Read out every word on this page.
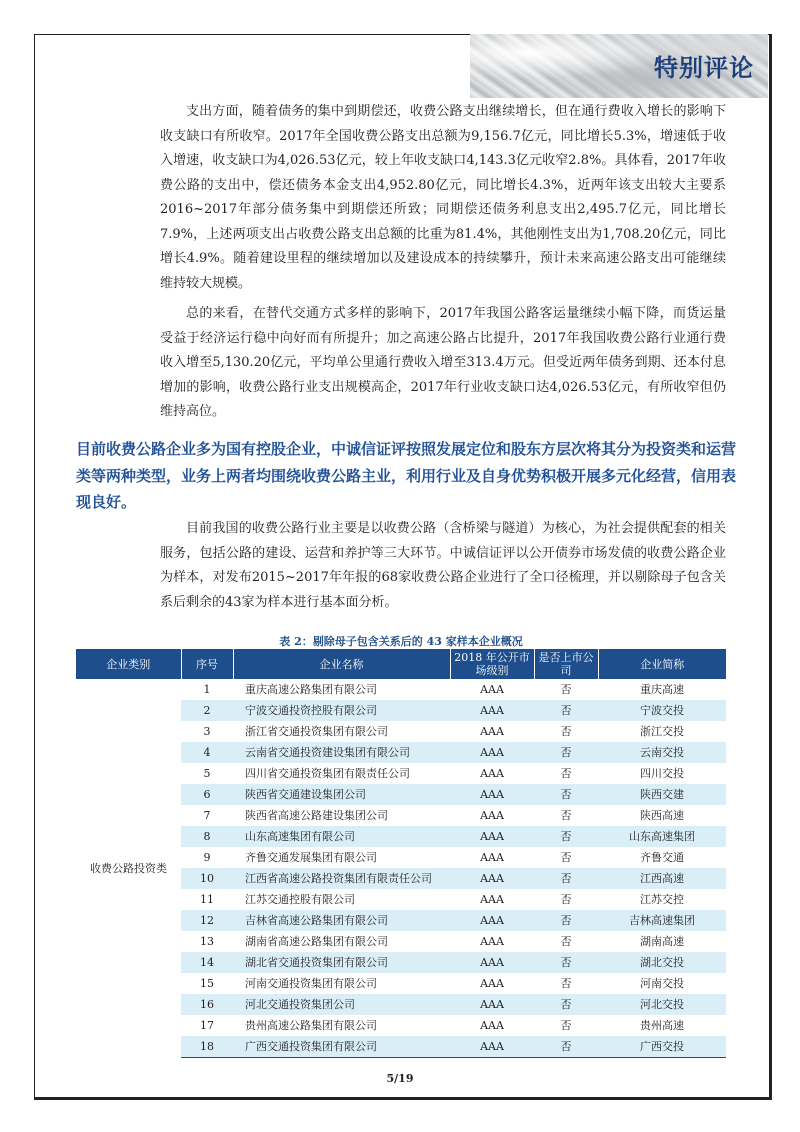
特别评论

支出方面，随着债务的集中到期偿还，收费公路支出继续增长，但在通行费收入增长的影响下收支缺口有所收窄。2017年全国收费公路支出总额为9,156.7亿元，同比增长5.3%，增速低于收入增速，收支缺口为4,026.53亿元，较上年收支缺口4,143.3亿元收窄2.8%。具体看，2017年收费公路的支出中，偿还债务本金支出4,952.80亿元，同比增长4.3%，近两年该支出较大主要系2016~2017年部分债务集中到期偿还所致；同期偿还债务利息支出2,495.7亿元，同比增长7.9%，上述两项支出占收费公路支出总额的比重为81.4%，其他刚性支出为1,708.20亿元，同比增长4.9%。随着建设里程的继续增加以及建设成本的持续攀升，预计未来高速公路支出可能继续维持较大规模。

总的来看，在替代交通方式多样的影响下，2017年我国公路客运量继续小幅下降，而货运量受益于经济运行稳中向好而有所提升；加之高速公路占比提升，2017年我国收费公路行业通行费收入增至5,130.20亿元，平均单公里通行费收入增至313.4万元。但受近两年债务到期、还本付息增加的影响，收费公路行业支出规模高企，2017年行业收支缺口达4,026.53亿元，有所收窄但仍维持高位。

目前收费公路企业多为国有控股企业，中诚信证评按照发展定位和股东方层次将其分为投资类和运营类等两种类型，业务上两者均围绕收费公路主业，利用行业及自身优势积极开展多元化经营，信用表现良好。

目前我国的收费公路行业主要是以收费公路（含桥梁与隧道）为核心，为社会提供配套的相关服务，包括公路的建设、运营和养护等三大环节。中诚信证评以公开债券市场发债的收费公路企业为样本，对发布2015~2017年年报的68家收费公路企业进行了全口径梳理，并以剔除母子包含关系后剩余的43家为样本进行基本面分析。

表 2：剔除母子包含关系后的 43 家样本企业概况
企业类别	序号	企业名称	2018 年公开市场级别	是否上市公司	企业简称
收费公路投资类	1	重庆高速公路集团有限公司	AAA	否	重庆高速
	2	宁波交通投资控股有限公司	AAA	否	宁波交投
	3	浙江省交通投资集团有限公司	AAA	否	浙江交投
	4	云南省交通投资建设集团有限公司	AAA	否	云南交投
	5	四川省交通投资集团有限责任公司	AAA	否	四川交投
	6	陕西省交通建设集团公司	AAA	否	陕西交建
	7	陕西省高速公路建设集团公司	AAA	否	陕西高速
	8	山东高速集团有限公司	AAA	否	山东高速集团
	9	齐鲁交通发展集团有限公司	AAA	否	齐鲁交通
	10	江西省高速公路投资集团有限责任公司	AAA	否	江西高速
	11	江苏交通控股有限公司	AAA	否	江苏交控
	12	吉林省高速公路集团有限公司	AAA	否	吉林高速集团
	13	湖南省高速公路集团有限公司	AAA	否	湖南高速
	14	湖北省交通投资集团有限公司	AAA	否	湖北交投
	15	河南交通投资集团有限公司	AAA	否	河南交投
	16	河北交通投资集团公司	AAA	否	河北交投
	17	贵州高速公路集团有限公司	AAA	否	贵州高速
	18	广西交通投资集团有限公司	AAA	否	广西交投
5/19
